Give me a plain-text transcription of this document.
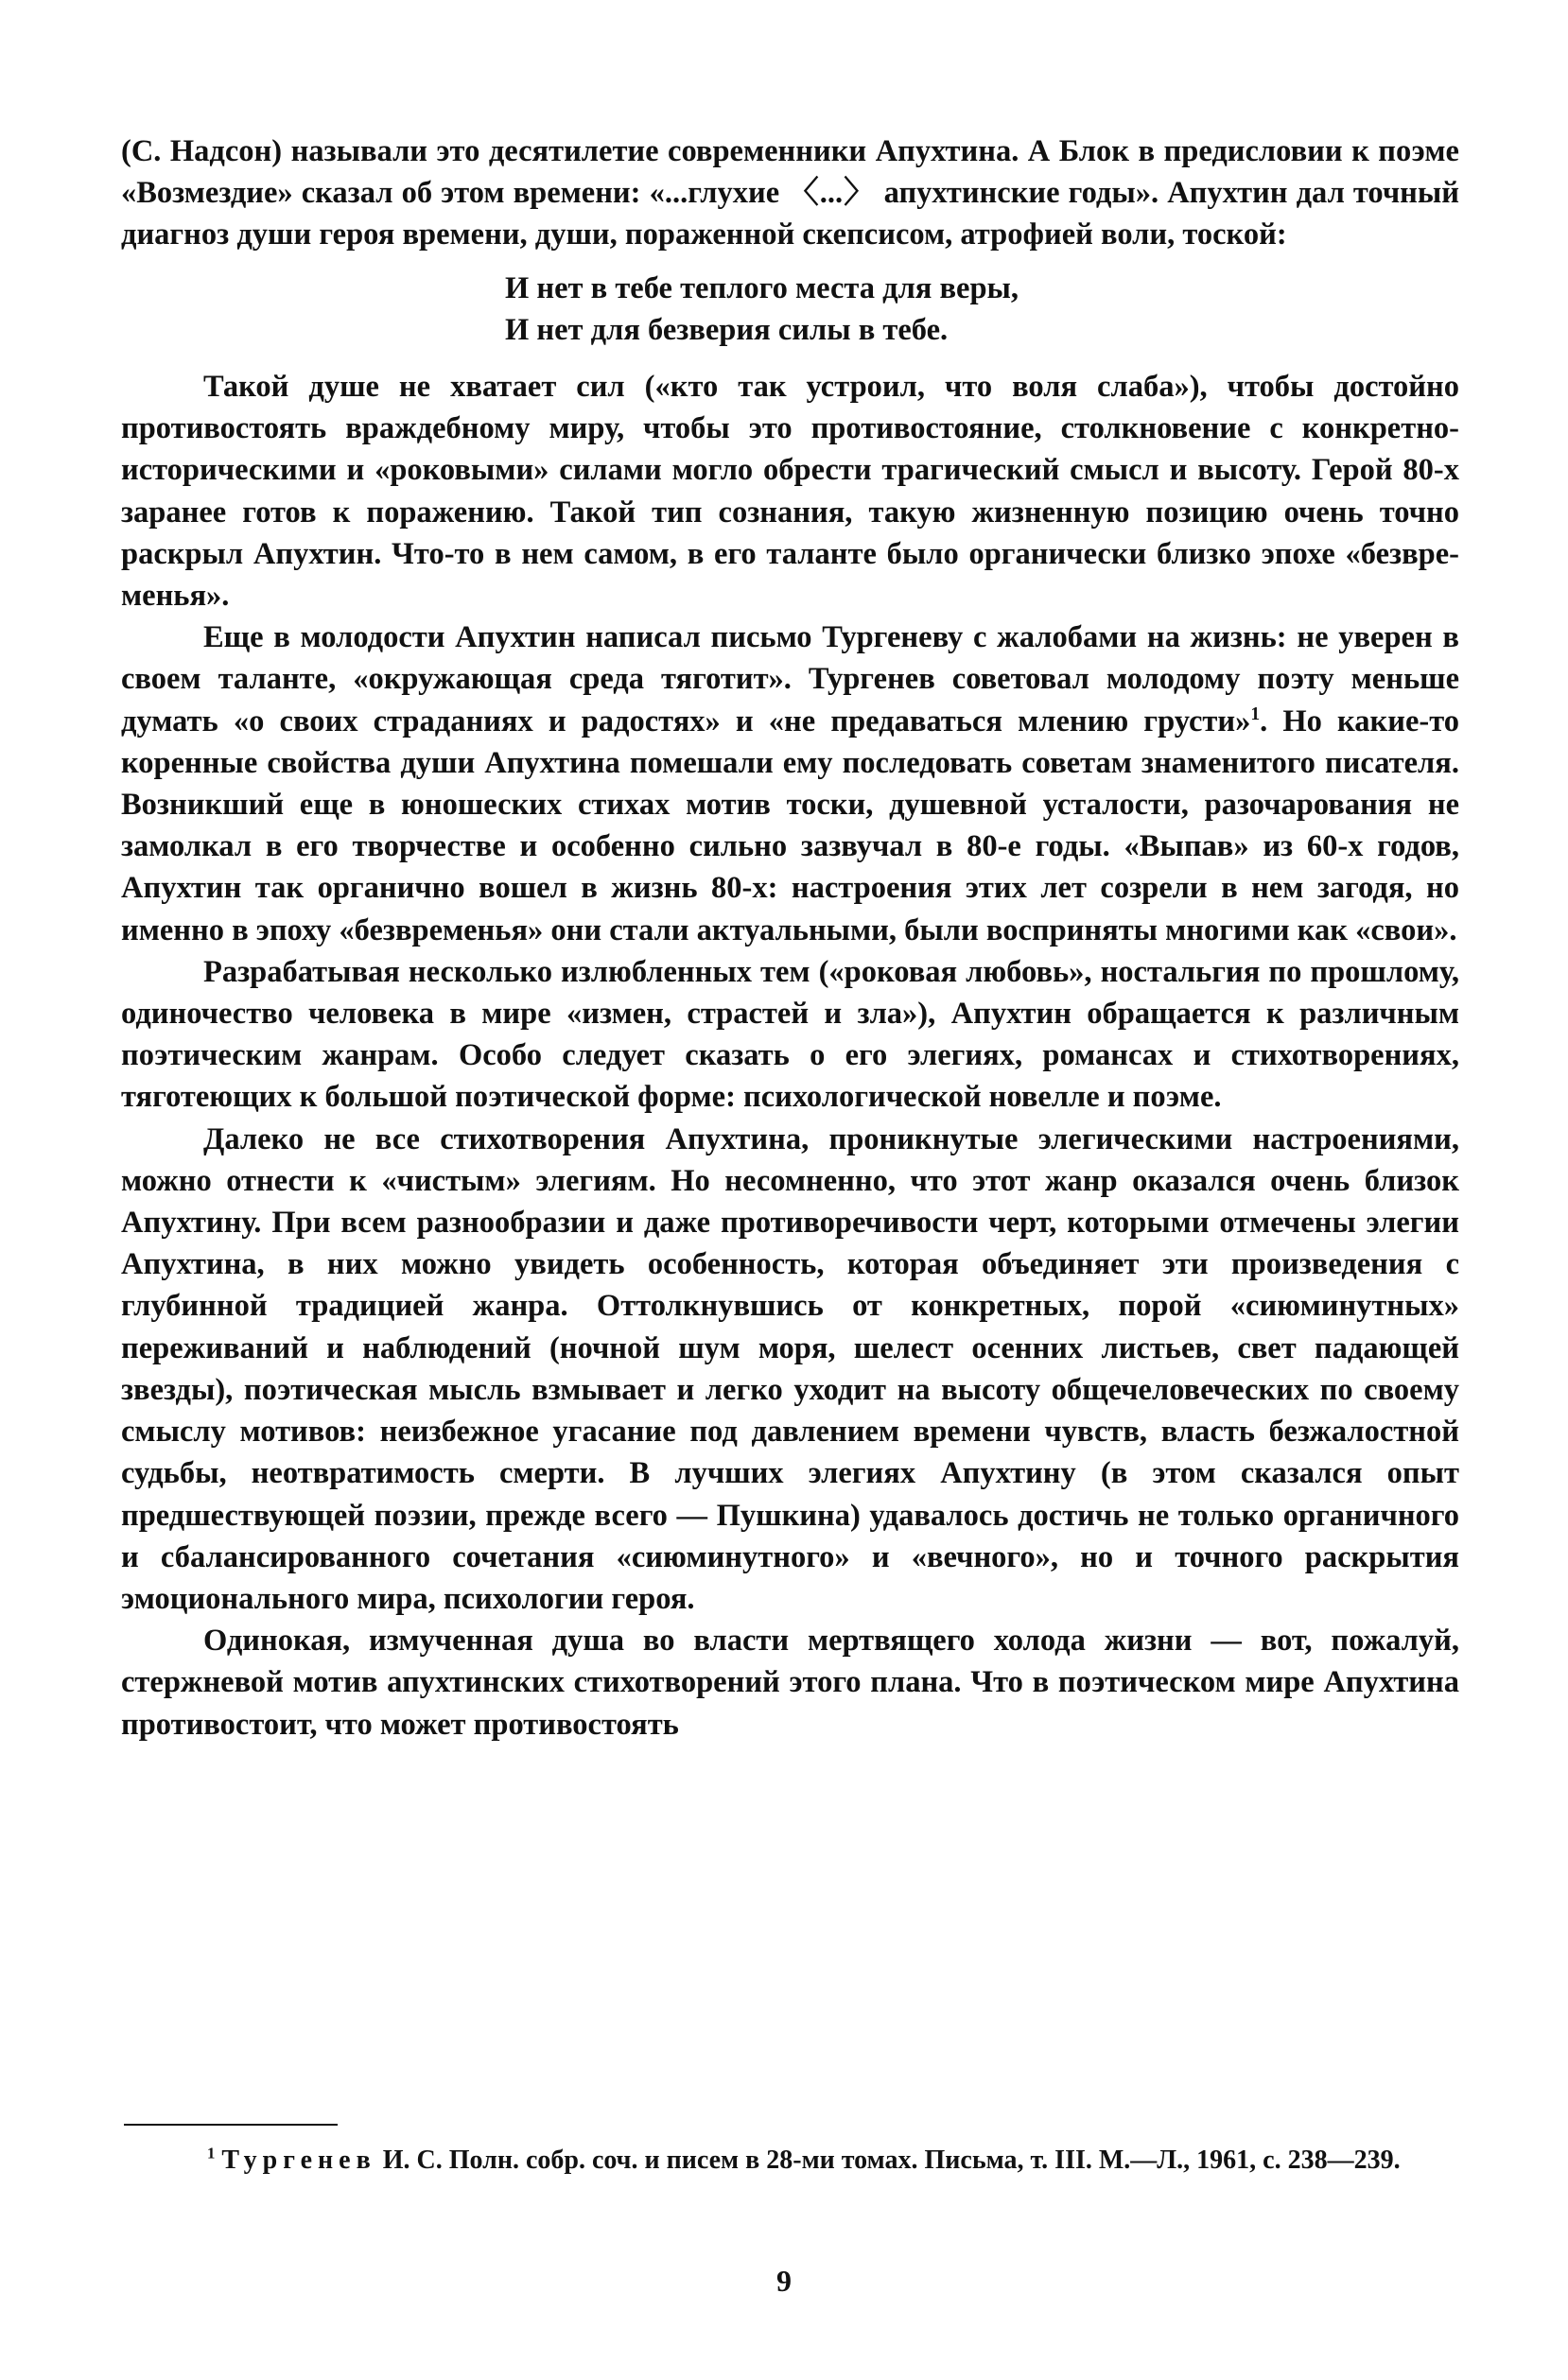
(С. Надсон) называли это десятилетие современники Апухтина. А Блок в предисловии к поэме «Возмездие» сказал об этом времени: «...глухие 〈...〉 апухтинские годы». Апухтин дал точный диагноз души героя времени, души, пораженной скепсисом, атрофией воли, тоской:

И нет в тебе теплого места для веры,
И нет для безверия силы в тебе.

Такой душе не хватает сил («кто так устроил, что воля слаба»), чтобы достойно противостоять враждебному миру, чтобы это противостояние, столкновение с конкретно-историческими и «роковыми» силами могло обрести трагический смысл и высоту. Герой 80-х заранее готов к поражению. Такой тип сознания, такую жизненную позицию очень точно раскрыл Апухтин. Что-то в нем самом, в его таланте было органически близко эпохе «безвременья».

Еще в молодости Апухтин написал письмо Тургеневу с жалобами на жизнь: не уверен в своем таланте, «окружающая среда тяготит». Тургенев советовал молодому поэту меньше думать «о своих страданиях и радостях» и «не предаваться млению грусти»$^1$. Но какие-то коренные свойства души Апухтина помешали ему последовать советам знаменитого писателя. Возникший еще в юношеских стихах мотив тоски, душевной усталости, разочарования не замолкал в его творчестве и особенно сильно зазвучал в 80-е годы. «Выпав» из 60-х годов, Апухтин так органично вошел в жизнь 80-х: настроения этих лет созрели в нем загодя, но именно в эпоху «безвременья» они стали актуальными, были восприняты многими как «свои».

Разрабатывая несколько излюбленных тем («роковая любовь», ностальгия по прошлому, одиночество человека в мире «измен, страстей и зла»), Апухтин обращается к различным поэтическим жанрам. Особо следует сказать о его элегиях, романсах и стихотворениях, тяготеющих к большой поэтической форме: психологической новелле и поэме.

Далеко не все стихотворения Апухтина, проникнутые элегическими настроениями, можно отнести к «чистым» элегиям. Но несомненно, что этот жанр оказался очень близок Апухтину. При всем разнообразии и даже противоречивости черт, которыми отмечены элегии Апухтина, в них можно увидеть особенность, которая объединяет эти произведения с глубинной традицией жанра. Оттолкнувшись от конкретных, порой «сиюминутных» переживаний и наблюдений (ночной шум моря, шелест осенних листьев, свет падающей звезды), поэтическая мысль взмывает и легко уходит на высоту общечеловеческих по своему смыслу мотивов: неизбежное угасание под давлением времени чувств, власть безжалостной судьбы, неотвратимость смерти. В лучших элегиях Апухтину (в этом сказался опыт предшествующей поэзии, прежде всего — Пушкина) удавалось достичь не только органичного и сбалансированного сочетания «сиюминутного» и «вечного», но и точного раскрытия эмоционального мира, психологии героя.

Одинокая, измученная душа во власти мертвящего холода жизни — вот, пожалуй, стержневой мотив апухтинских стихотворений этого плана. Что в поэтическом мире Апухтина противостоит, что может противостоять

$^1$ Тургенев И. С. Полн. собр. соч. и писем в 28-ми томах. Письма, т. III. М.—Л., 1961, с. 238—239.

9
